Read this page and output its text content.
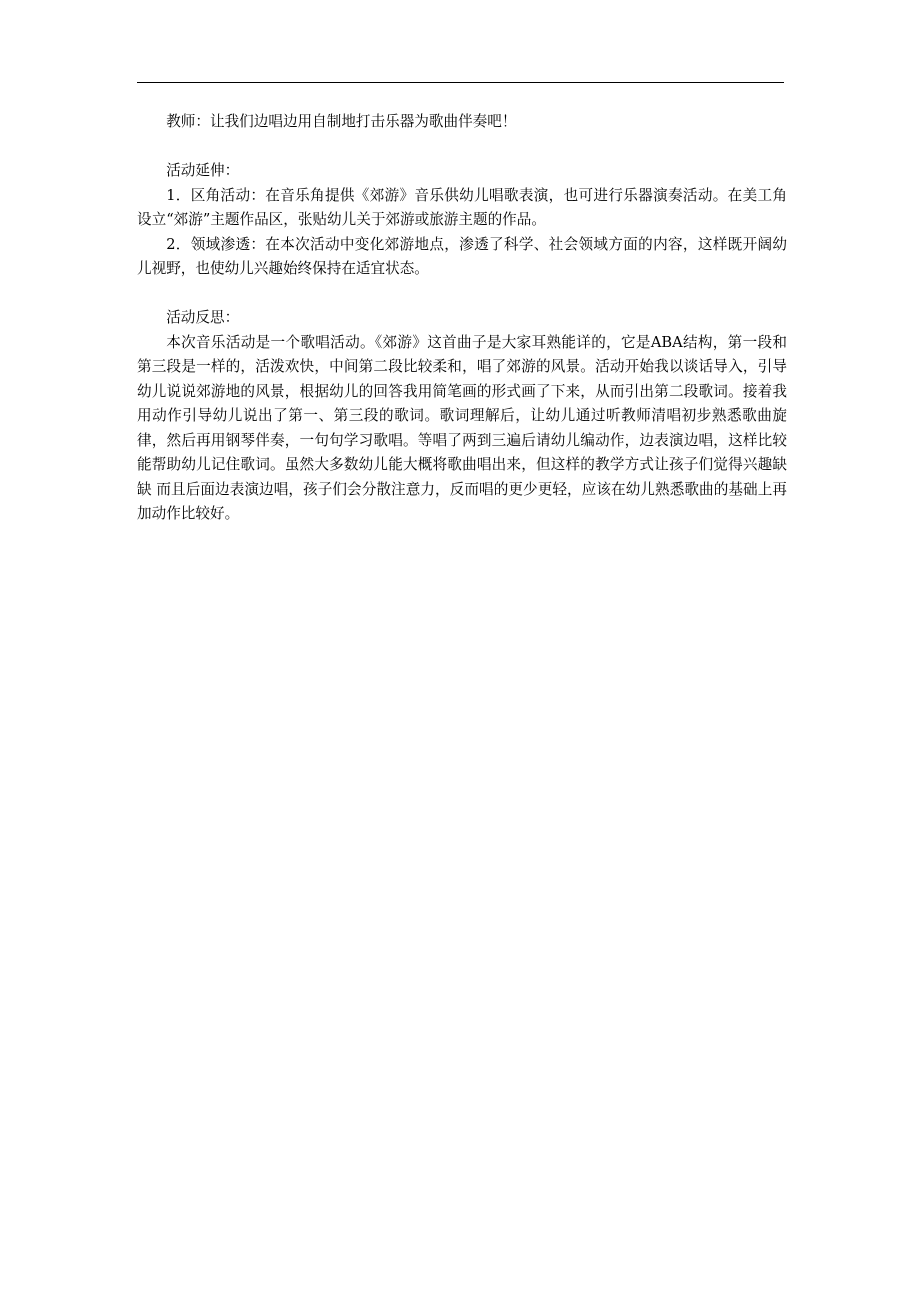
教师：让我们边唱边用自制地打击乐器为歌曲伴奏吧！

活动延伸：

1．区角活动：在音乐角提供《郊游》音乐供幼儿唱歌表演，也可进行乐器演奏活动。在美工角设立“郊游”主题作品区，张贴幼儿关于郊游或旅游主题的作品。

2．领域渗透：在本次活动中变化郊游地点，渗透了科学、社会领域方面的内容，这样既开阔幼儿视野，也使幼儿兴趣始终保持在适宜状态。

活动反思：

本次音乐活动是一个歌唱活动。《郊游》这首曲子是大家耳熟能详的，它是ABA结构，第一段和第三段是一样的，活泼欢快，中间第二段比较柔和，唱了郊游的风景。活动开始我以谈话导入，引导幼儿说说郊游地的风景，根据幼儿的回答我用简笔画的形式画了下来，从而引出第二段歌词。接着我用动作引导幼儿说出了第一、第三段的歌词。歌词理解后，让幼儿通过听教师清唱初步熟悉歌曲旋律，然后再用钢琴伴奏，一句句学习歌唱。等唱了两到三遍后请幼儿编动作，边表演边唱，这样比较能帮助幼儿记住歌词。虽然大多数幼儿能大概将歌曲唱出来，但这样的教学方式让孩子们觉得兴趣缺缺 而且后面边表演边唱，孩子们会分散注意力，反而唱的更少更轻，应该在幼儿熟悉歌曲的基础上再加动作比较好。
